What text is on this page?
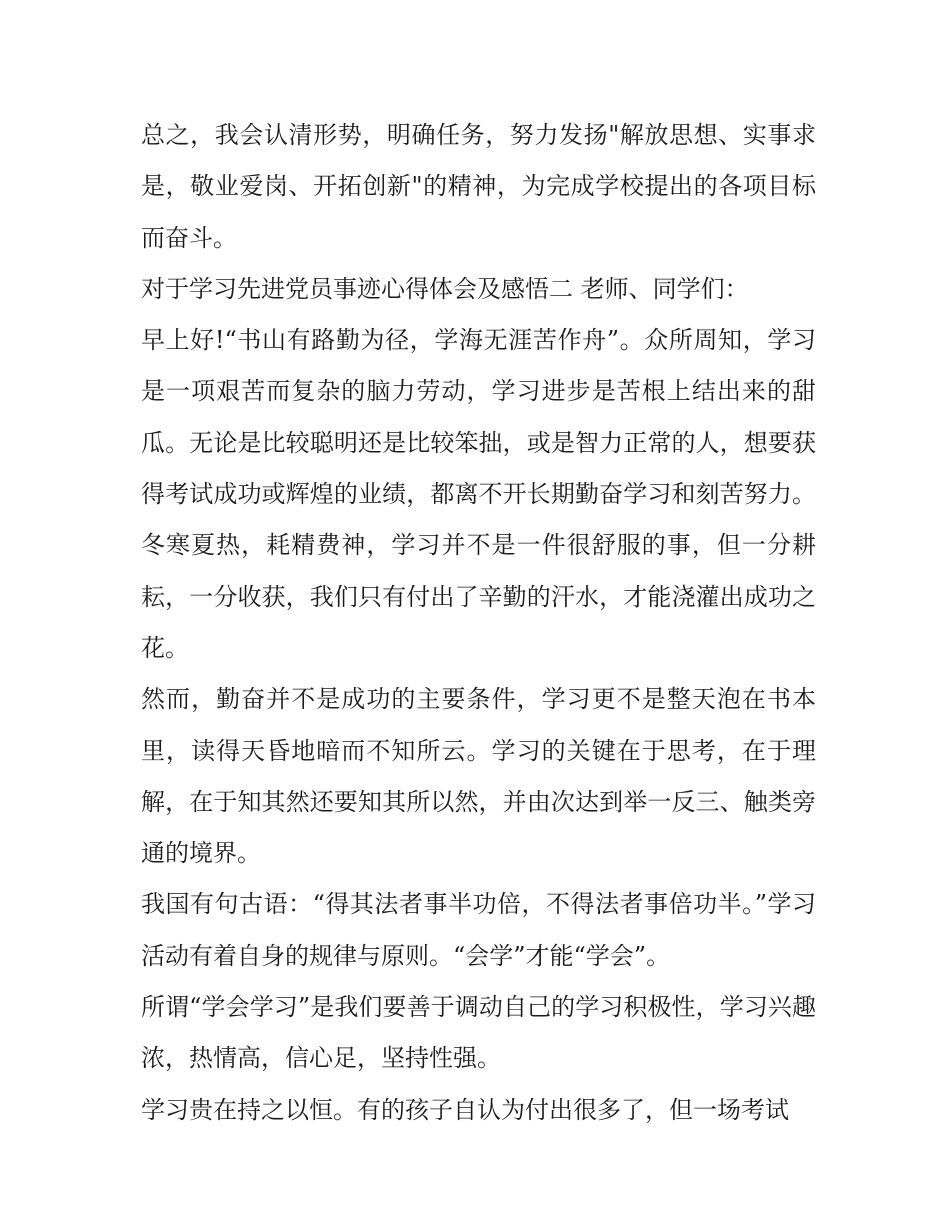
总之，我会认清形势，明确任务，努力发扬"解放思想、实事求是，敬业爱岗、开拓创新"的精神，为完成学校提出的各项目标而奋斗。

对于学习先进党员事迹心得体会及感悟二 老师、同学们：

早上好!“书山有路勤为径，学海无涯苦作舟”。众所周知，学习是一项艰苦而复杂的脑力劳动，学习进步是苦根上结出来的甜瓜。无论是比较聪明还是比较笨拙，或是智力正常的人，想要获得考试成功或辉煌的业绩，都离不开长期勤奋学习和刻苦努力。冬寒夏热，耗精费神，学习并不是一件很舒服的事，但一分耕耘，一分收获，我们只有付出了辛勤的汗水，才能浇灌出成功之花。

然而，勤奋并不是成功的主要条件，学习更不是整天泡在书本里，读得天昏地暗而不知所云。学习的关键在于思考，在于理解，在于知其然还要知其所以然，并由次达到举一反三、触类旁通的境界。

我国有句古语：“得其法者事半功倍，不得法者事倍功半。”学习活动有着自身的规律与原则。“会学”才能“学会”。

所谓“学会学习”是我们要善于调动自己的学习积极性，学习兴趣浓，热情高，信心足，坚持性强。

学习贵在持之以恒。有的孩子自认为付出很多了，但一场考试
